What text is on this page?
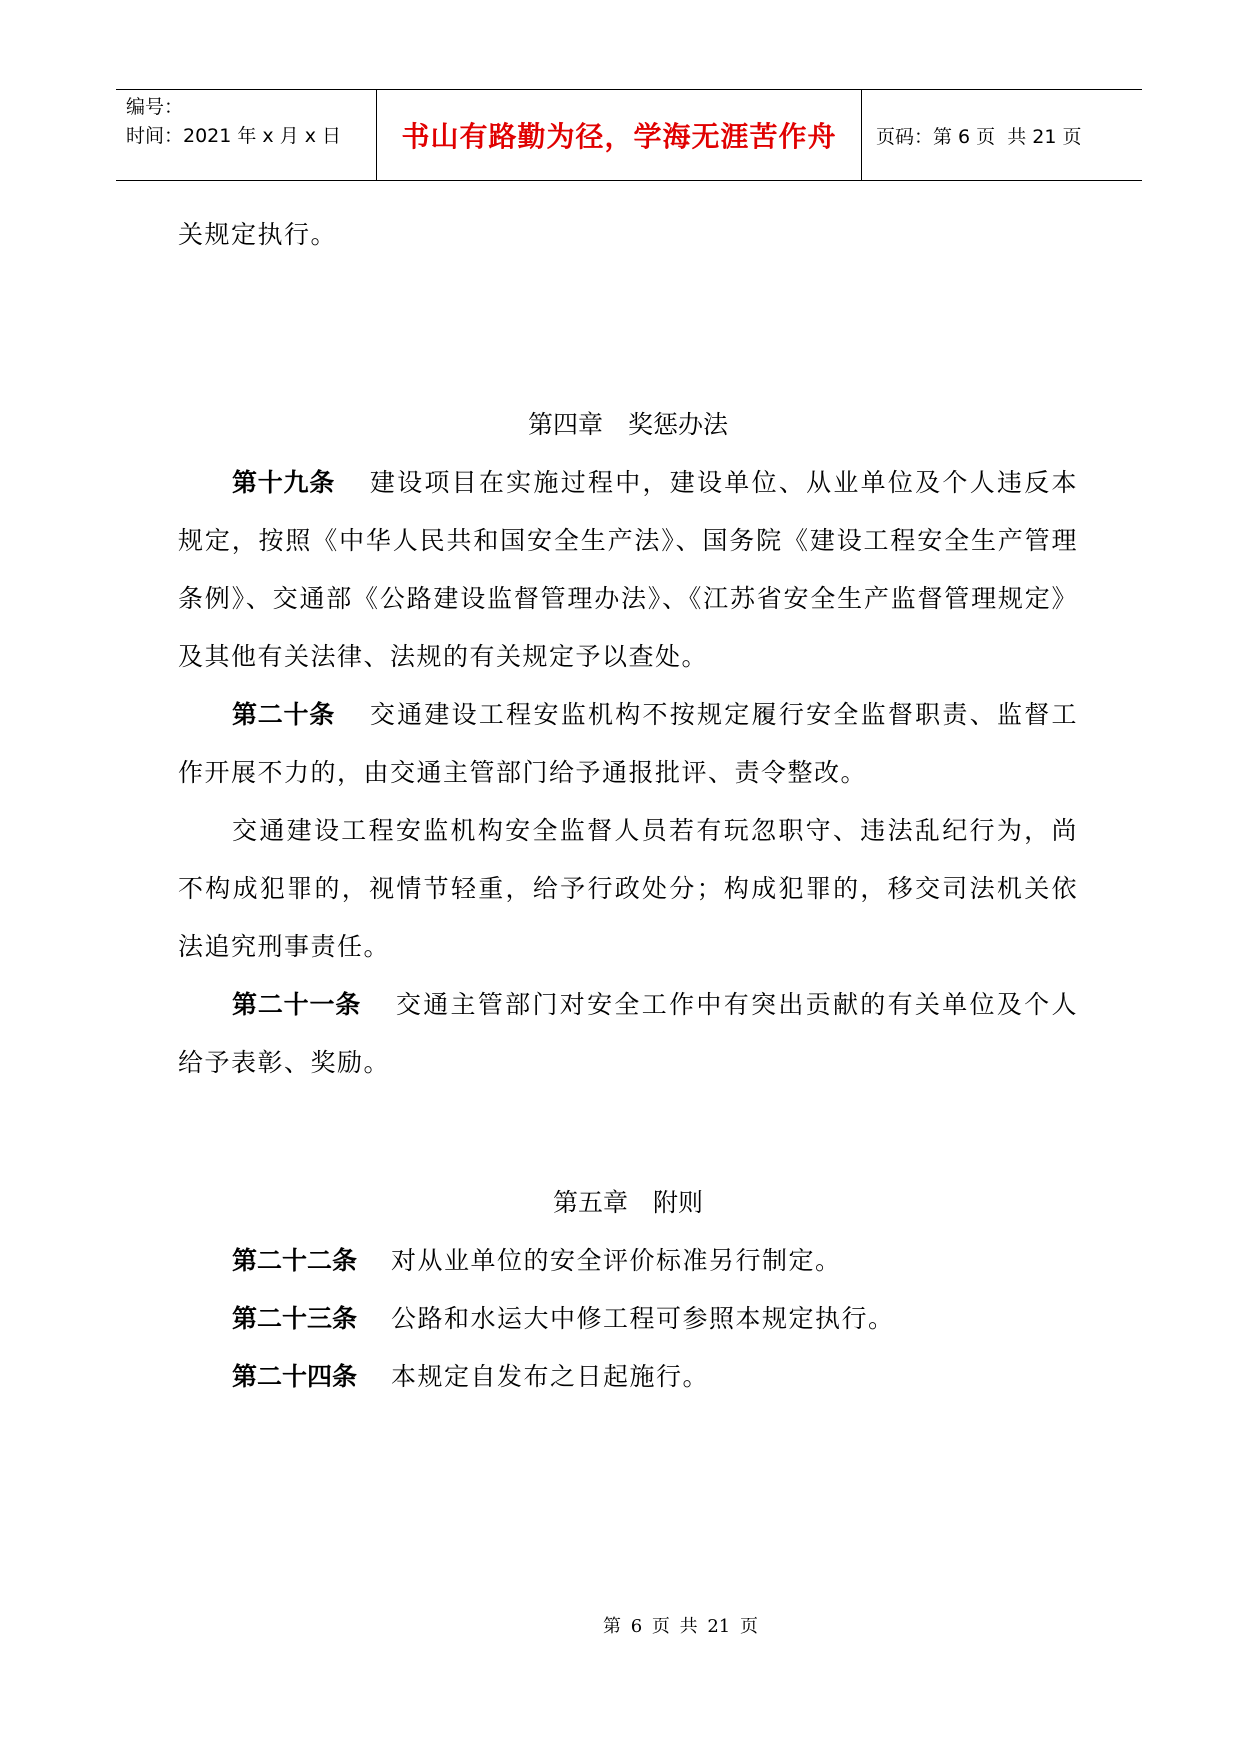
编号：
时间：2021 年 x 月 x 日	书山有路勤为径，学海无涯苦作舟 页码：第 6 页  共 21 页

关规定执行。

第四章　奖惩办法

第十九条 建设项目在实施过程中，建设单位、从业单位及个人违反本规定，按照《中华人民共和国安全生产法》、国务院《建设工程安全生产管理条例》、交通部《公路建设监督管理办法》、《江苏省安全生产监督管理规定》及其他有关法律、法规的有关规定予以查处。

第二十条 交通建设工程安监机构不按规定履行安全监督职责、监督工作开展不力的，由交通主管部门给予通报批评、责令整改。

交通建设工程安监机构安全监督人员若有玩忽职守、违法乱纪行为，尚不构成犯罪的，视情节轻重，给予行政处分；构成犯罪的，移交司法机关依法追究刑事责任。

第二十一条 交通主管部门对安全工作中有突出贡献的有关单位及个人给予表彰、奖励。

第五章　附则

第二十二条 对从业单位的安全评价标准另行制定。

第二十三条 公路和水运大中修工程可参照本规定执行。

第二十四条 本规定自发布之日起施行。

第 6 页 共 21 页
